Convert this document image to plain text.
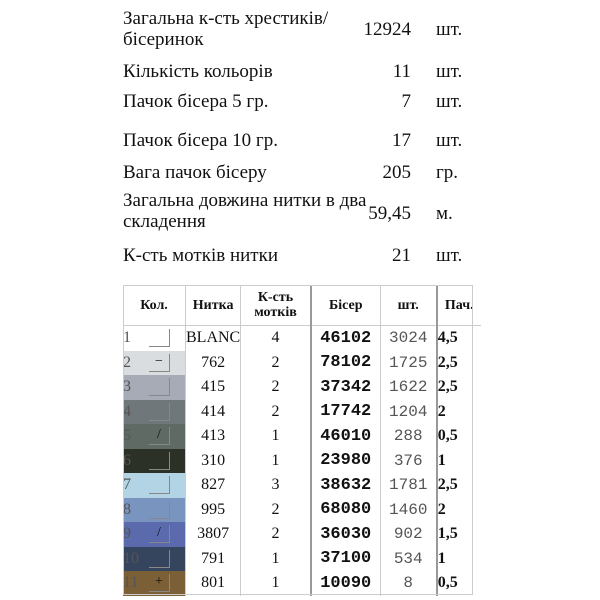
Загальна к-сть хрестиків/бісеринок	12924 шт.
Кількість кольорів	11 шт.
Пачок бісера 5 гр.	7 шт.
Пачок бісера 10 гр.	17 шт.
Вага пачок бісеру	205 гр.
Загальна довжина нитки в два складення	59,45 м.
К-сть мотків нитки	21 шт.
Кол.	Нитка	К-сть мотків	Бісер	шт.	Пач.
1	BLANC	4	46102	3024	4,5
2 −	762	2	78102	1725	2,5
3	415	2	37342	1622	2,5
4	414	2	17742	1204	2
5 /	413	1	46010	288	0,5
6	310	1	23980	376	1
7	827	3	38632	1781	2,5
8	995	2	68080	1460	2
9 /	3807	2	36030	902	1,5
10	791	1	37100	534	1
11 +	801	1	10090	8	0,5
